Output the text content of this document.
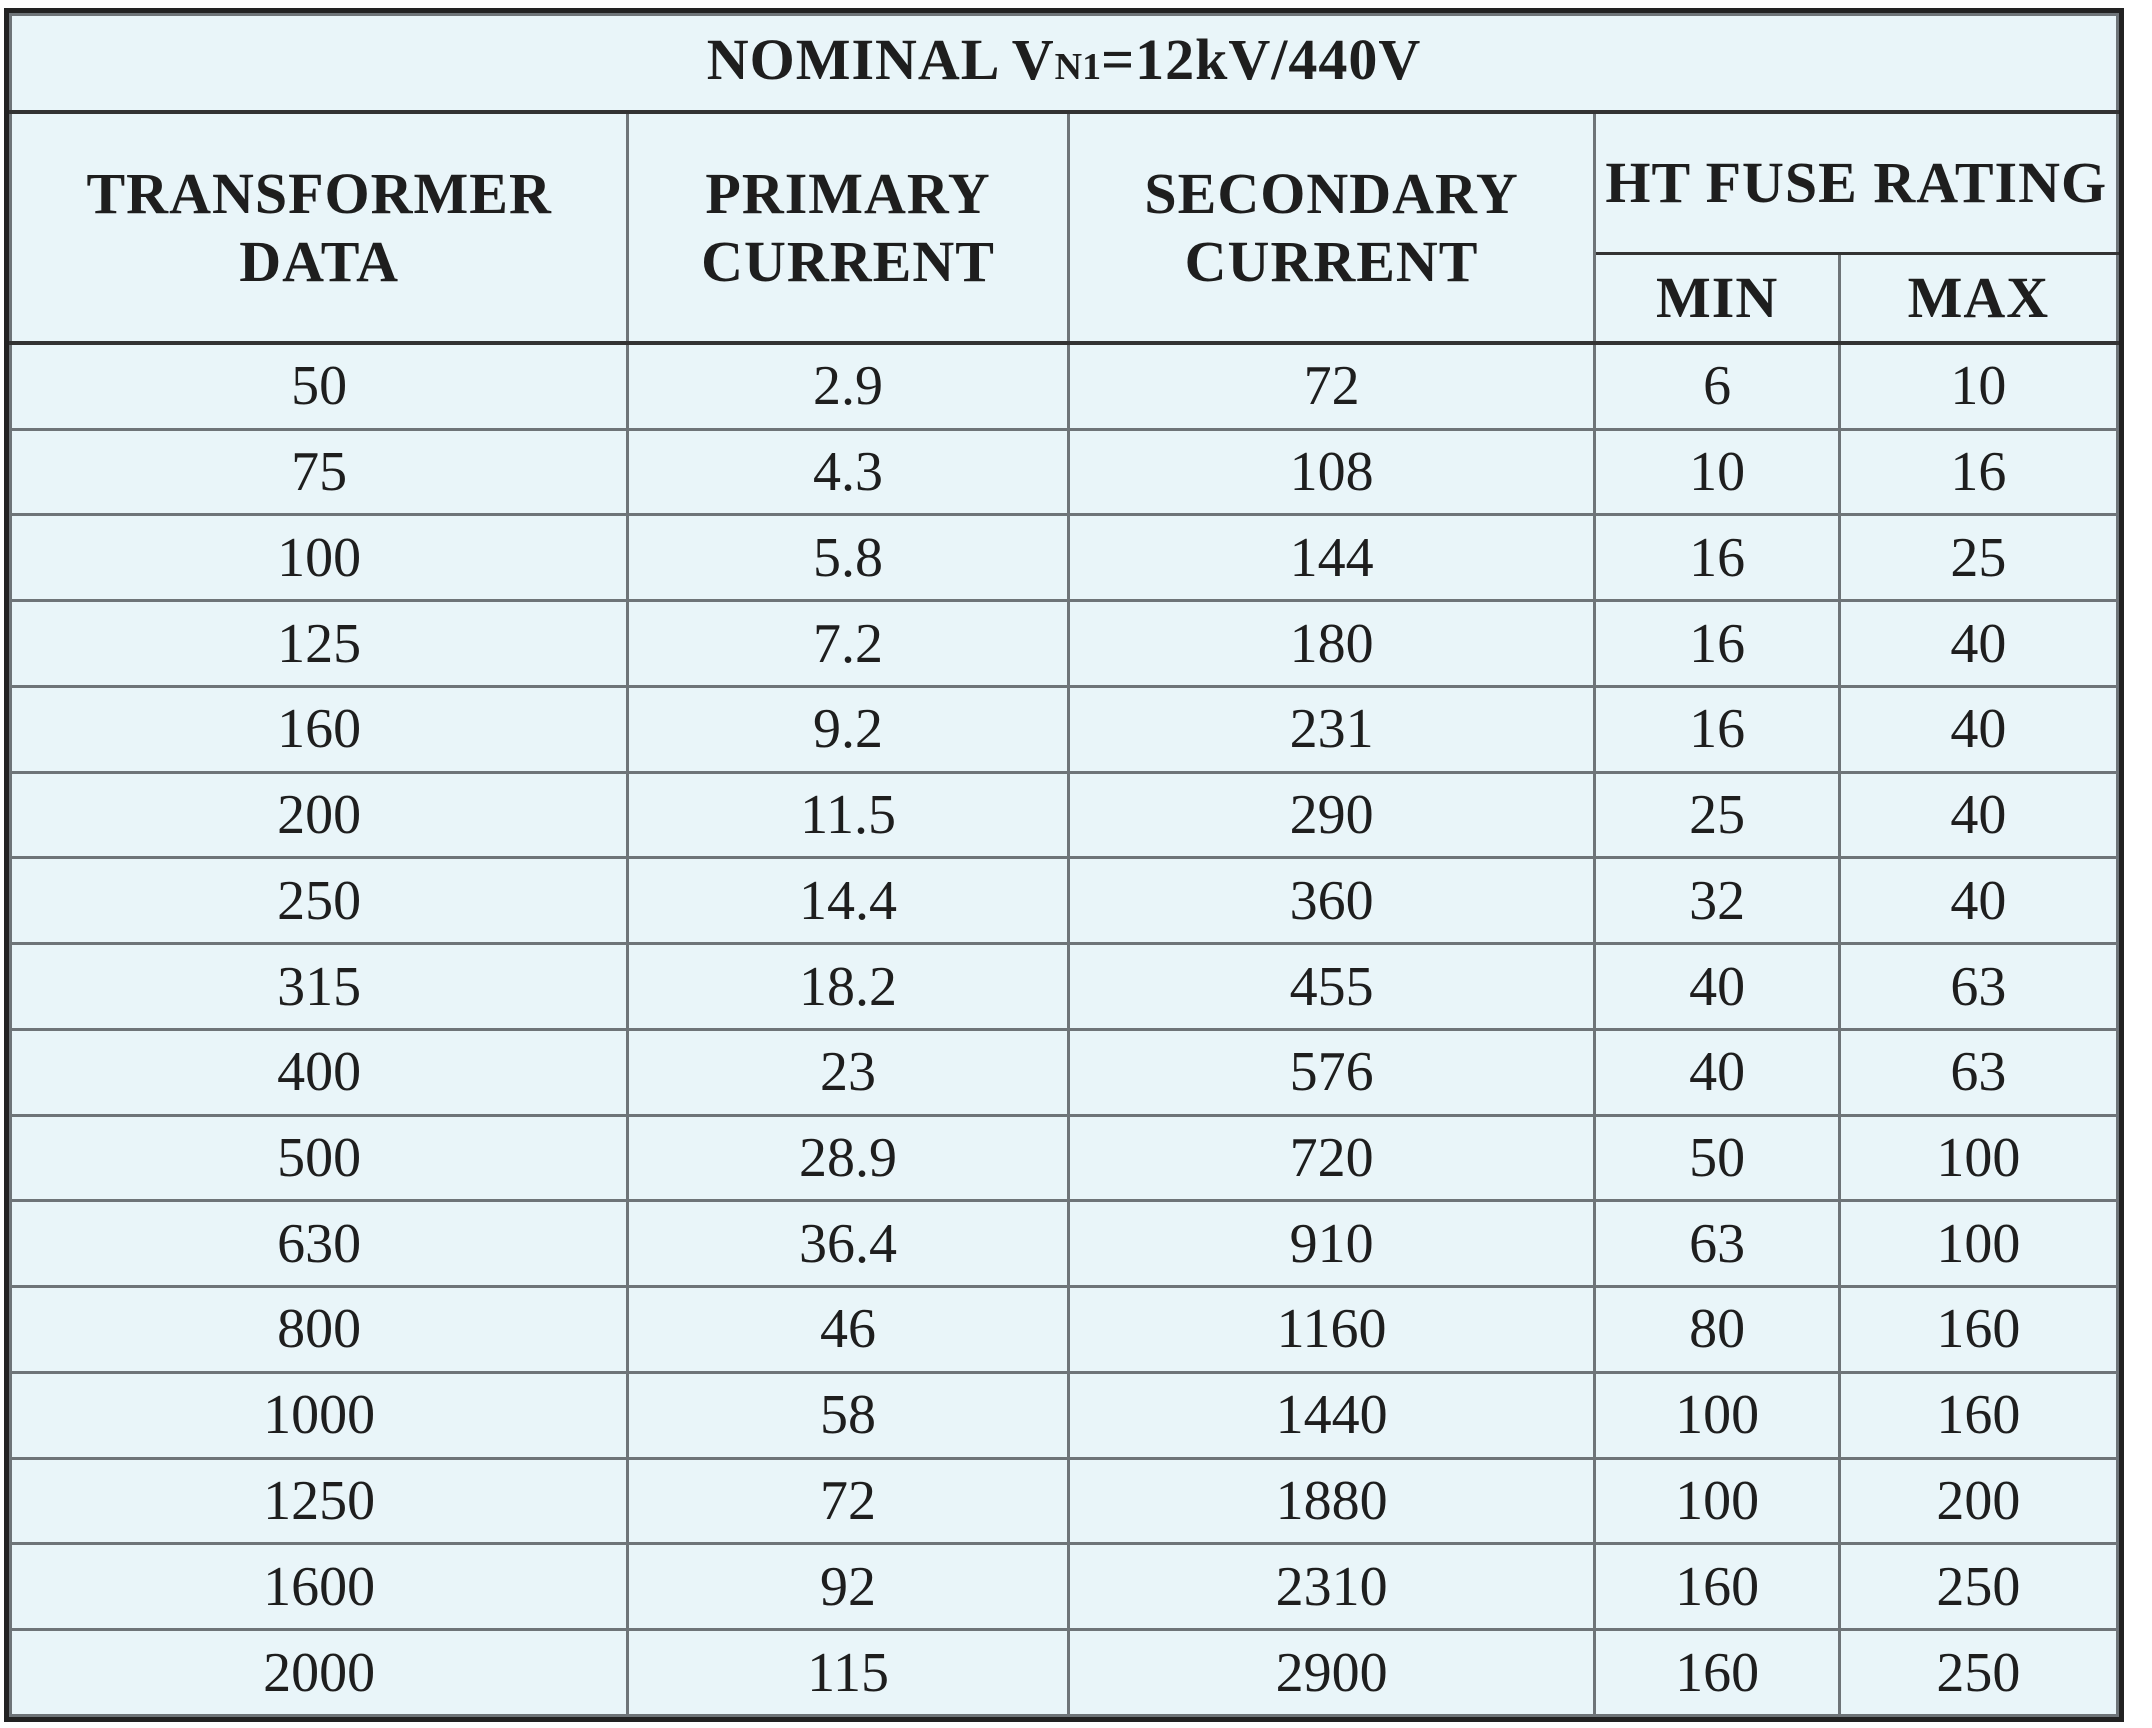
NOMINAL VN1=12kV/440V				
TRANSFORMER DATA	PRIMARY CURRENT	SECONDARY CURRENT	HT FUSE RATING	
			MIN	MAX
50	2.9	72	6	10
75	4.3	108	10	16
100	5.8	144	16	25
125	7.2	180	16	40
160	9.2	231	16	40
200	11.5	290	25	40
250	14.4	360	32	40
315	18.2	455	40	63
400	23	576	40	63
500	28.9	720	50	100
630	36.4	910	63	100
800	46	1160	80	160
1000	58	1440	100	160
1250	72	1880	100	200
1600	92	2310	160	250
2000	115	2900	160	250
